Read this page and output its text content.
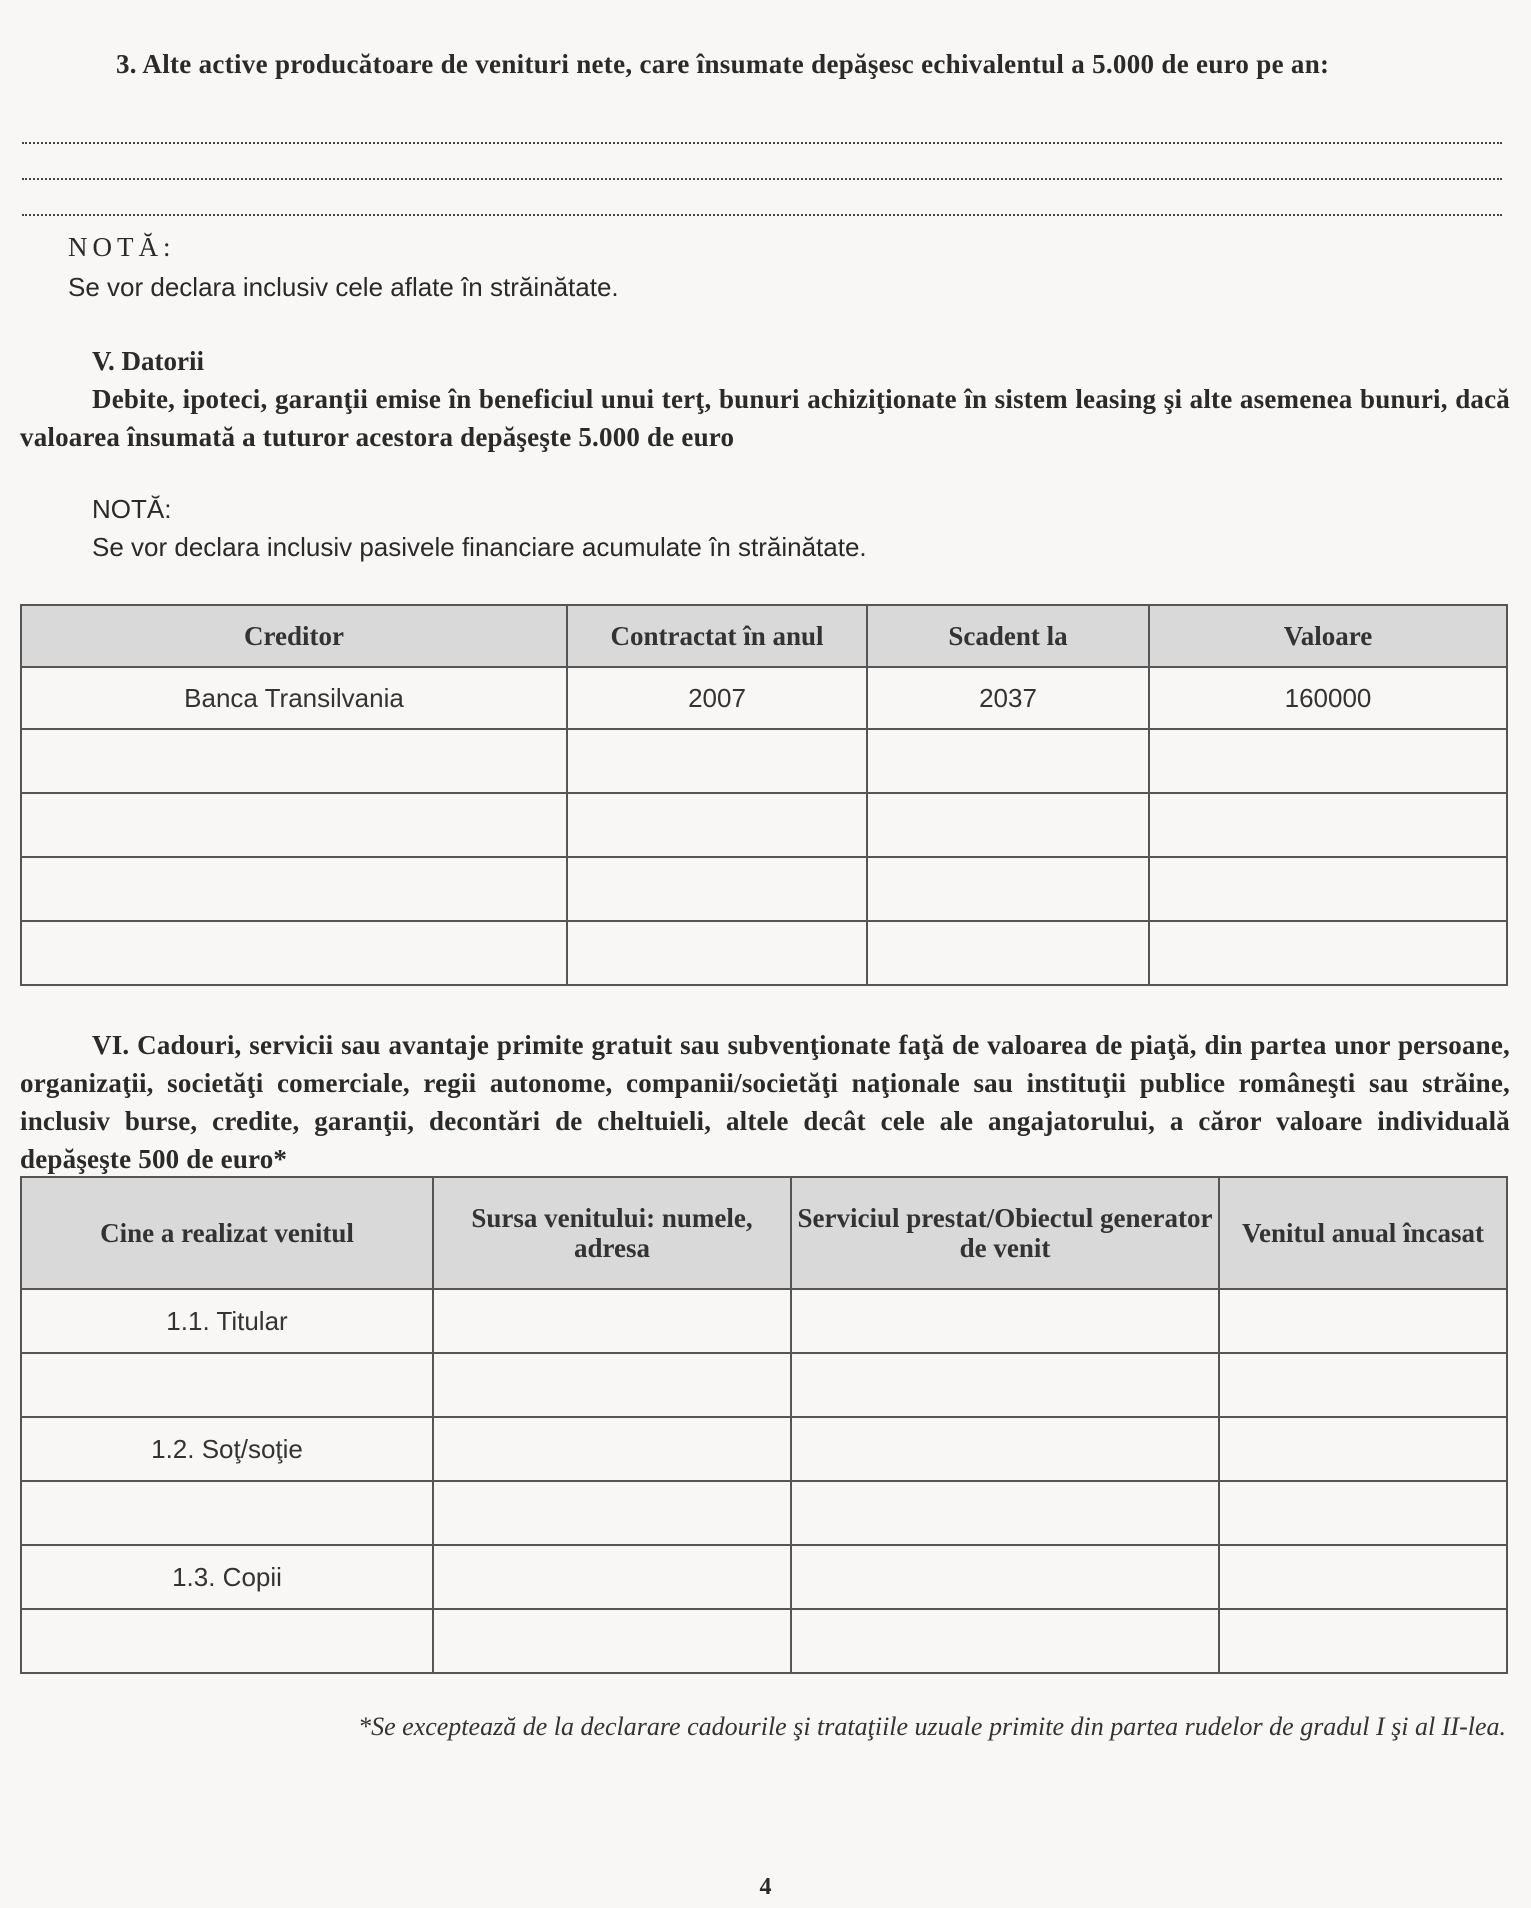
3. Alte active producătoare de venituri nete, care însumate depăşesc echivalentul a 5.000 de euro pe an:
NOTĂ:
Se vor declara inclusiv cele aflate în străinătate.
V. Datorii
Debite, ipoteci, garanţii emise în beneficiul unui terţ, bunuri achiziţionate în sistem leasing şi alte asemenea bunuri, dacă valoarea însumată a tuturor acestora depăşeşte 5.000 de euro
NOTĂ:
Se vor declara inclusiv pasivele financiare acumulate în străinătate.
Creditor	Contractat în anul	Scadent la	Valoare
Banca Transilvania	2007	2037	160000

VI. Cadouri, servicii sau avantaje primite gratuit sau subvenţionate faţă de valoarea de piaţă, din partea unor persoane, organizaţii, societăţi comerciale, regii autonome, companii/societăţi naţionale sau instituţii publice româneşti sau străine, inclusiv burse, credite, garanţii, decontări de cheltuieli, altele decât cele ale angajatorului, a căror valoare individuală depăşeşte 500 de euro*
Cine a realizat venitul	Sursa venitului: numele, adresa	Serviciul prestat/Obiectul generator de venit	Venitul anual încasat
1.1. Titular			

1.2. Soţ/soţie			

1.3. Copii			

*Se exceptează de la declarare cadourile şi trataţiile uzuale primite din partea rudelor de gradul I şi al II-lea.
4
